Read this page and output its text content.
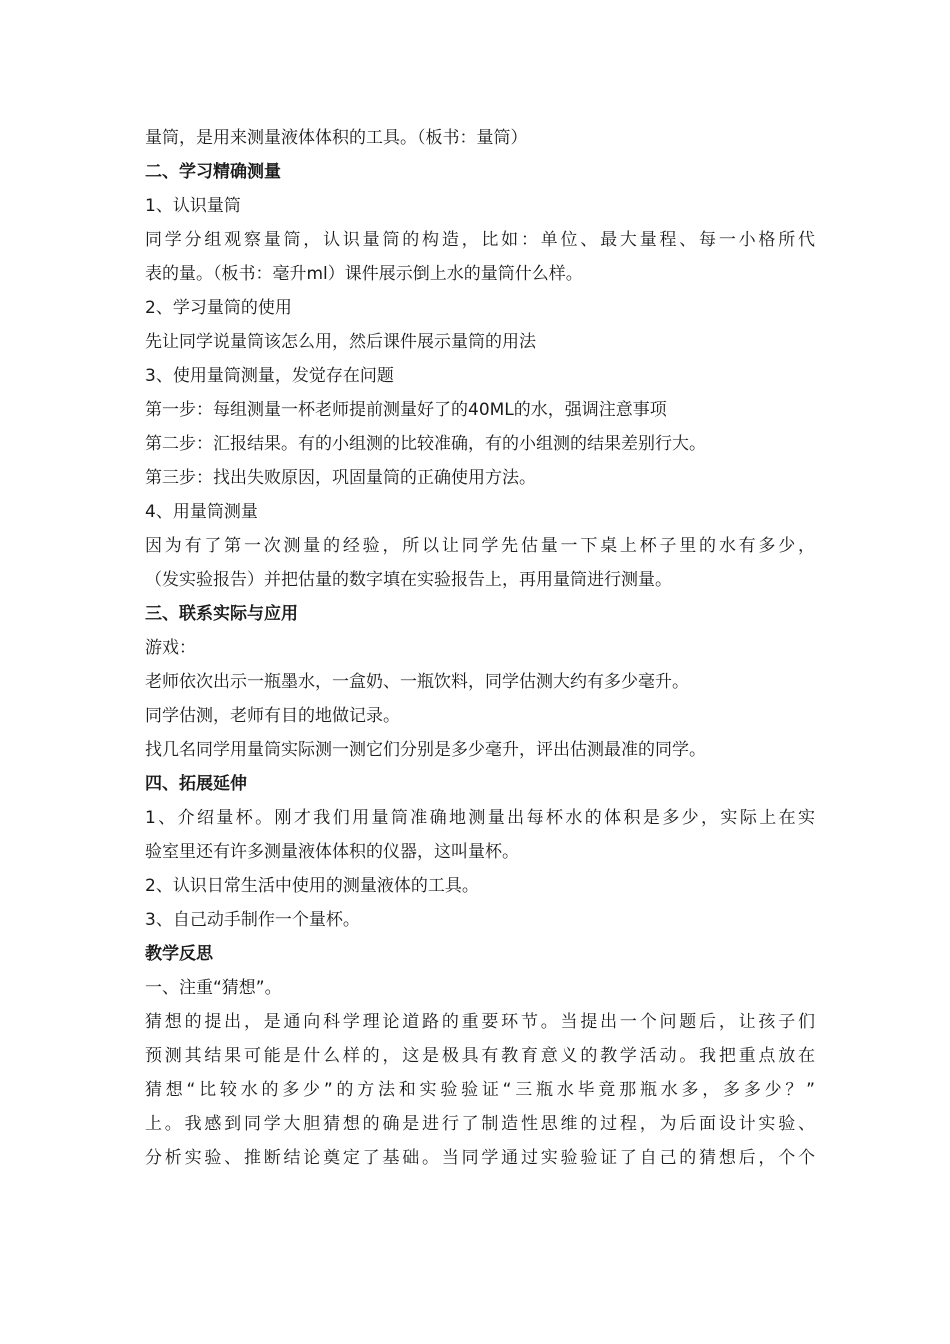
量筒，是用来测量液体体积的工具。（板书：量筒）
二、学习精确测量
1、认识量筒
同学分组观察量筒，认识量筒的构造，比如：单位、最大量程、每一小格所代
表的量。（板书：毫升ml）课件展示倒上水的量筒什么样。
2、学习量筒的使用
先让同学说量筒该怎么用，然后课件展示量筒的用法
3、使用量筒测量，发觉存在问题
第一步：每组测量一杯老师提前测量好了的40ML的水，强调注意事项
第二步：汇报结果。有的小组测的比较准确，有的小组测的结果差别行大。
第三步：找出失败原因，巩固量筒的正确使用方法。
4、用量筒测量
因为有了第一次测量的经验，所以让同学先估量一下桌上杯子里的水有多少，
（发实验报告）并把估量的数字填在实验报告上，再用量筒进行测量。
三、联系实际与应用
游戏：
老师依次出示一瓶墨水，一盒奶、一瓶饮料，同学估测大约有多少毫升。
同学估测，老师有目的地做记录。
找几名同学用量筒实际测一测它们分别是多少毫升，评出估测最准的同学。
四、拓展延伸
1、介绍量杯。刚才我们用量筒准确地测量出每杯水的体积是多少，实际上在实
验室里还有许多测量液体体积的仪器，这叫量杯。
2、认识日常生活中使用的测量液体的工具。
3、自己动手制作一个量杯。
教学反思
一、注重“猜想”。
猜想的提出，是通向科学理论道路的重要环节。当提出一个问题后，让孩子们
预测其结果可能是什么样的，这是极具有教育意义的教学活动。我把重点放在
猜想“比较水的多少”的方法和实验验证“三瓶水毕竟那瓶水多，多多少？”
上。我感到同学大胆猜想的确是进行了制造性思维的过程，为后面设计实验、
分析实验、推断结论奠定了基础。当同学通过实验验证了自己的猜想后，个个
